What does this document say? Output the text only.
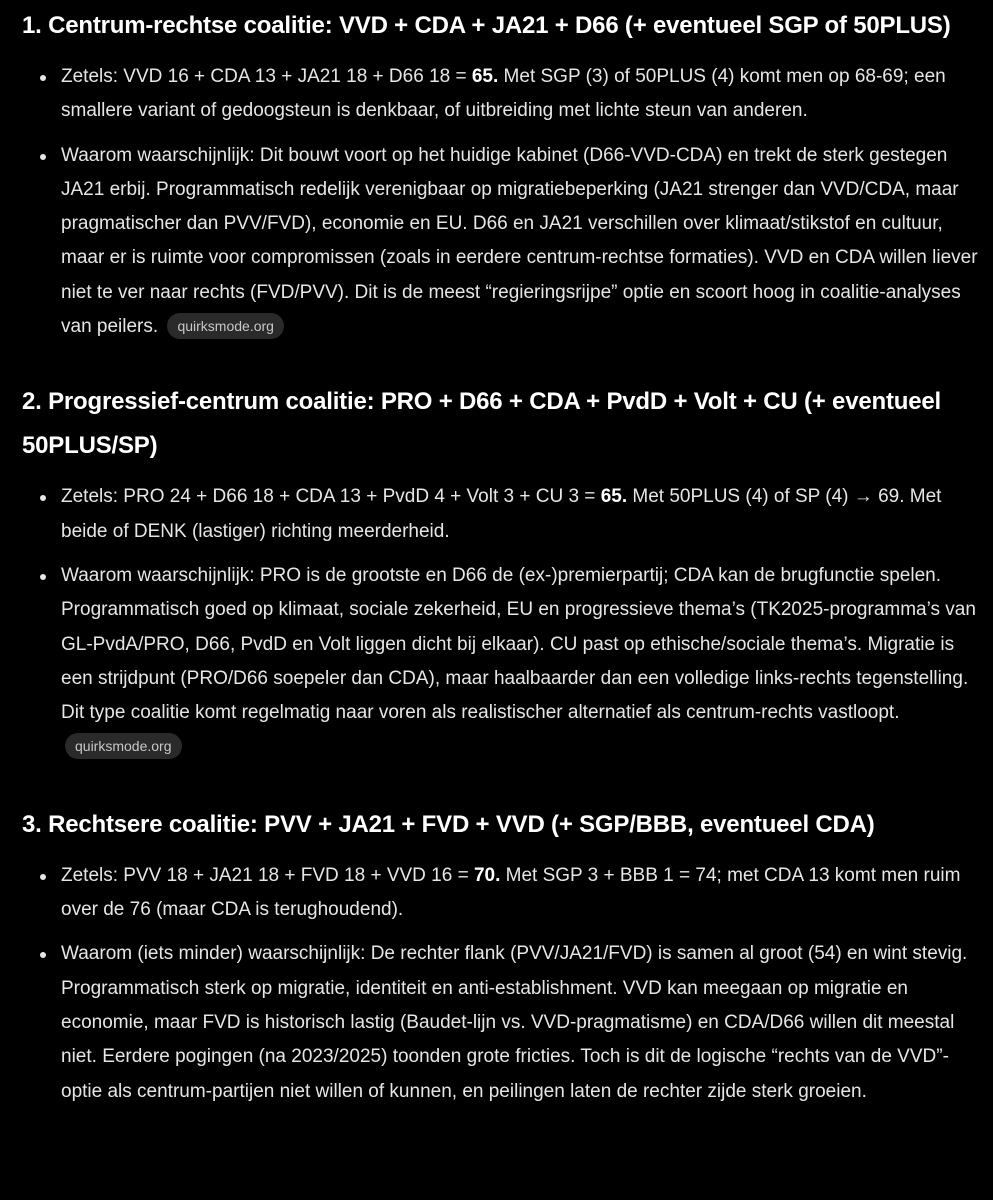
1. Centrum-rechtse coalitie: VVD + CDA + JA21 + D66 (+ eventueel SGP of 50PLUS)
Zetels: VVD 16 + CDA 13 + JA21 18 + D66 18 = 65. Met SGP (3) of 50PLUS (4) komt men op 68-69; een smallere variant of gedoogsteun is denkbaar, of uitbreiding met lichte steun van anderen.
Waarom waarschijnlijk: Dit bouwt voort op het huidige kabinet (D66-VVD-CDA) en trekt de sterk gestegen JA21 erbij. Programmatisch redelijk verenigbaar op migratiebeperking (JA21 strenger dan VVD/CDA, maar pragmatischer dan PVV/FVD), economie en EU. D66 en JA21 verschillen over klimaat/stikstof en cultuur, maar er is ruimte voor compromissen (zoals in eerdere centrum-rechtse formaties). VVD en CDA willen liever niet te ver naar rechts (FVD/PVV). Dit is de meest “regieringsrijpe” optie en scoort hoog in coalitie-analyses van peilers. quirksmode.org
2. Progressief-centrum coalitie: PRO + D66 + CDA + PvdD + Volt + CU (+ eventueel 50PLUS/SP)
Zetels: PRO 24 + D66 18 + CDA 13 + PvdD 4 + Volt 3 + CU 3 = 65. Met 50PLUS (4) of SP (4) → 69. Met beide of DENK (lastiger) richting meerderheid.
Waarom waarschijnlijk: PRO is de grootste en D66 de (ex-)premierpartij; CDA kan de brugfunctie spelen. Programmatisch goed op klimaat, sociale zekerheid, EU en progressieve thema’s (TK2025-programma’s van GL-PvdA/PRO, D66, PvdD en Volt liggen dicht bij elkaar). CU past op ethische/sociale thema’s. Migratie is een strijdpunt (PRO/D66 soepeler dan CDA), maar haalbaarder dan een volledige links-rechts tegenstelling. Dit type coalitie komt regelmatig naar voren als realistischer alternatief als centrum-rechts vastloopt. quirksmode.org
3. Rechtsere coalitie: PVV + JA21 + FVD + VVD (+ SGP/BBB, eventueel CDA)
Zetels: PVV 18 + JA21 18 + FVD 18 + VVD 16 = 70. Met SGP 3 + BBB 1 = 74; met CDA 13 komt men ruim over de 76 (maar CDA is terughoudend).
Waarom (iets minder) waarschijnlijk: De rechter flank (PVV/JA21/FVD) is samen al groot (54) en wint stevig. Programmatisch sterk op migratie, identiteit en anti-establishment. VVD kan meegaan op migratie en economie, maar FVD is historisch lastig (Baudet-lijn vs. VVD-pragmatisme) en CDA/D66 willen dit meestal niet. Eerdere pogingen (na 2023/2025) toonden grote fricties. Toch is dit de logische “rechts van de VVD”-optie als centrum-partijen niet willen of kunnen, en peilingen laten de rechter zijde sterk groeien.
